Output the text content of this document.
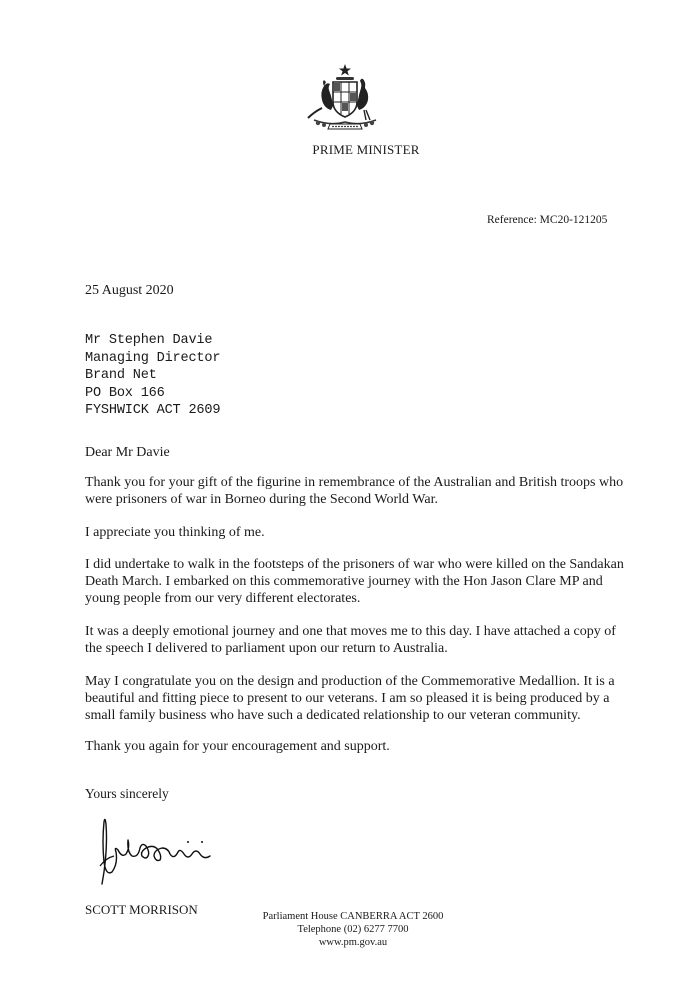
PRIME MINISTER
Reference: MC20-121205
25 August 2020
Mr Stephen Davie
Managing Director
Brand Net
PO Box 166
FYSHWICK ACT 2609
Dear Mr Davie
Thank you for your gift of the figurine in remembrance of the Australian and British troops who were prisoners of war in Borneo during the Second World War.
I appreciate you thinking of me.
I did undertake to walk in the footsteps of the prisoners of war who were killed on the Sandakan Death March. I embarked on this commemorative journey with the Hon Jason Clare MP and young people from our very different electorates.
It was a deeply emotional journey and one that moves me to this day. I have attached a copy of the speech I delivered to parliament upon our return to Australia.
May I congratulate you on the design and production of the Commemorative Medallion. It is a beautiful and fitting piece to present to our veterans. I am so pleased it is being produced by a small family business who have such a dedicated relationship to our veteran community.
Thank you again for your encouragement and support.
Yours sincerely
SCOTT MORRISON	Parliament House CANBERRA ACT 2600
Telephone (02) 6277 7700
www.pm.gov.au
